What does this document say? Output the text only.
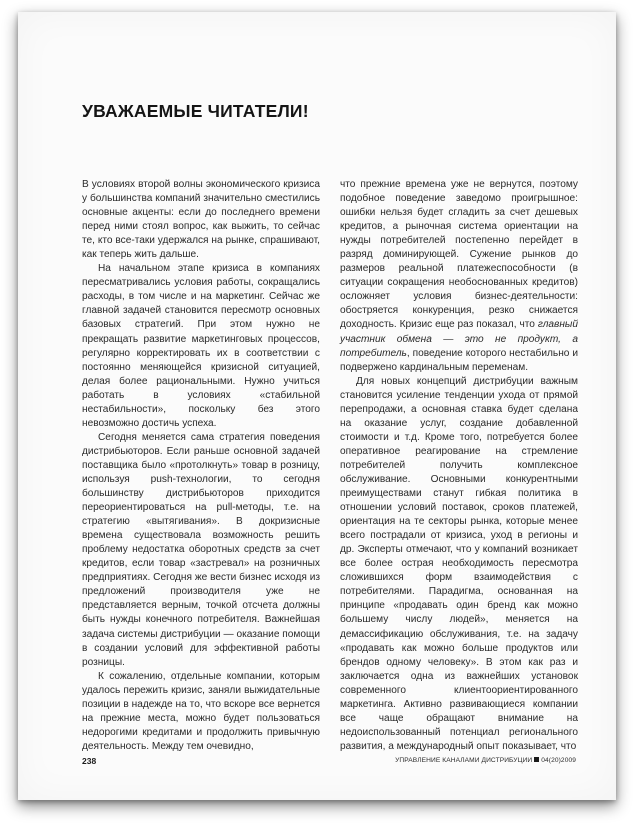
УВАЖАЕМЫЕ ЧИТАТЕЛИ!

В условиях второй волны экономического кризиса у большинства компаний значительно сместились основные акценты: если до последнего времени перед ними стоял вопрос, как выжить, то сейчас те, кто все-таки удержался на рынке, спрашивают, как теперь жить дальше.

На начальном этапе кризиса в компаниях пересматривались условия работы, сокращались расходы, в том числе и на маркетинг. Сейчас же главной задачей становится пересмотр основных базовых стратегий. При этом нужно не прекращать развитие маркетинговых процессов, регулярно корректировать их в соответствии с постоянно меняющейся кризисной ситуацией, делая более рациональными. Нужно учиться работать в условиях «стабильной нестабильности», поскольку без этого невозможно достичь успеха.

Сегодня меняется сама стратегия поведения дистрибьюторов. Если раньше основной задачей поставщика было «протолкнуть» товар в розницу, используя push-технологии, то сегодня большинству дистрибьюторов приходится переориентироваться на pull-методы, т.е. на стратегию «вытягивания». В докризисные времена существовала возможность решить проблему недостатка оборотных средств за счет кредитов, если товар «застревал» на розничных предприятиях. Сегодня же вести бизнес исходя из предложений производителя уже не представляется верным, точкой отсчета должны быть нужды конечного потребителя. Важнейшая задача системы дистрибуции — оказание помощи в создании условий для эффективной работы розницы.

К сожалению, отдельные компании, которым удалось пережить кризис, заняли выжидательные позиции в надежде на то, что вскоре все вернется на прежние места, можно будет пользоваться недорогими кредитами и продолжить привычную деятельность. Между тем очевидно,

что прежние времена уже не вернутся, поэтому подобное поведение заведомо проигрышное: ошибки нельзя будет сгладить за счет дешевых кредитов, а рыночная система ориентации на нужды потребителей постепенно перейдет в разряд доминирующей. Сужение рынков до размеров реальной платежеспособности (в ситуации сокращения необоснованных кредитов) осложняет условия бизнес-деятельности: обостряется конкуренция, резко снижается доходность. Кризис еще раз показал, что главный участник обмена — это не продукт, а потребитель, поведение которого нестабильно и подвержено кардинальным переменам.

Для новых концепций дистрибуции важным становится усиление тенденции ухода от прямой перепродажи, а основная ставка будет сделана на оказание услуг, создание добавленной стоимости и т.д. Кроме того, потребуется более оперативное реагирование на стремление потребителей получить комплексное обслуживание. Основными конкурентными преимуществами станут гибкая политика в отношении условий поставок, сроков платежей, ориентация на те секторы рынка, которые менее всего пострадали от кризиса, уход в регионы и др. Эксперты отмечают, что у компаний возникает все более острая необходимость пересмотра сложившихся форм взаимодействия с потребителями. Парадигма, основанная на принципе «продавать один бренд как можно большему числу людей», меняется на демассификацию обслуживания, т.е. на задачу «продавать как можно больше продуктов или брендов одному человеку». В этом как раз и заключается одна из важнейших установок современного клиентоориентированного маркетинга. Активно развивающиеся компании все чаще обращают внимание на недоиспользованный потенциал регионального развития, а международный опыт показывает, что

238	УПРАВЛЕНИЕ КАНАЛАМИ ДИСТРИБУЦИИ 04(20)2009
